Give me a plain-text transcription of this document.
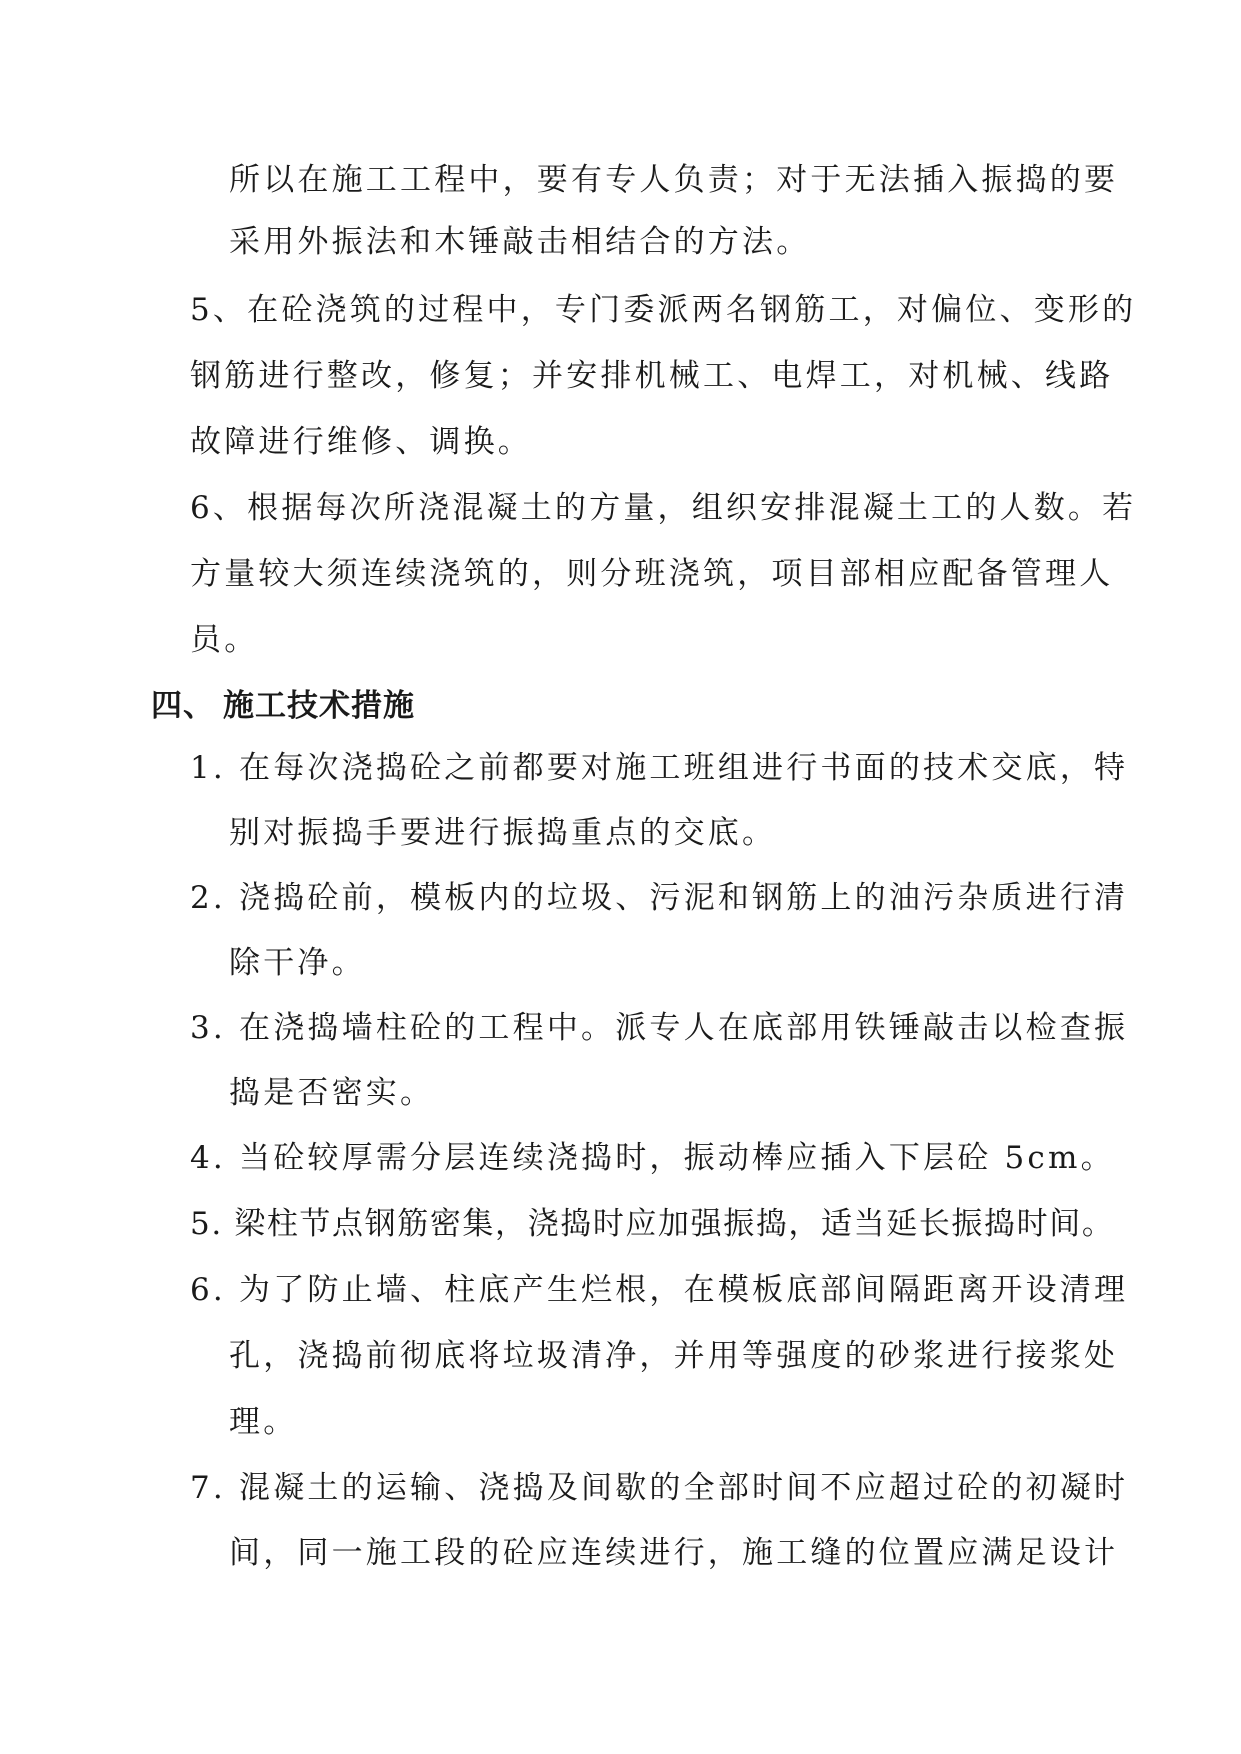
所以在施工工程中，要有专人负责；对于无法插入振捣的要
采用外振法和木锤敲击相结合的方法。
5、在砼浇筑的过程中，专门委派两名钢筋工，对偏位、变形的
钢筋进行整改，修复；并安排机械工、电焊工，对机械、线路
故障进行维修、调换。
6、根据每次所浇混凝土的方量，组织安排混凝土工的人数。若
方量较大须连续浇筑的，则分班浇筑，项目部相应配备管理人
员。
四、 施工技术措施
1. 在每次浇捣砼之前都要对施工班组进行书面的技术交底，特
别对振捣手要进行振捣重点的交底。
2. 浇捣砼前，模板内的垃圾、污泥和钢筋上的油污杂质进行清
除干净。
3. 在浇捣墙柱砼的工程中。派专人在底部用铁锤敲击以检查振
捣是否密实。
4. 当砼较厚需分层连续浇捣时，振动棒应插入下层砼 5cm。
5. 梁柱节点钢筋密集，浇捣时应加强振捣，适当延长振捣时间。
6. 为了防止墙、柱底产生烂根，在模板底部间隔距离开设清理
孔，浇捣前彻底将垃圾清净，并用等强度的砂浆进行接浆处
理。
7. 混凝土的运输、浇捣及间歇的全部时间不应超过砼的初凝时
间，同一施工段的砼应连续进行，施工缝的位置应满足设计
